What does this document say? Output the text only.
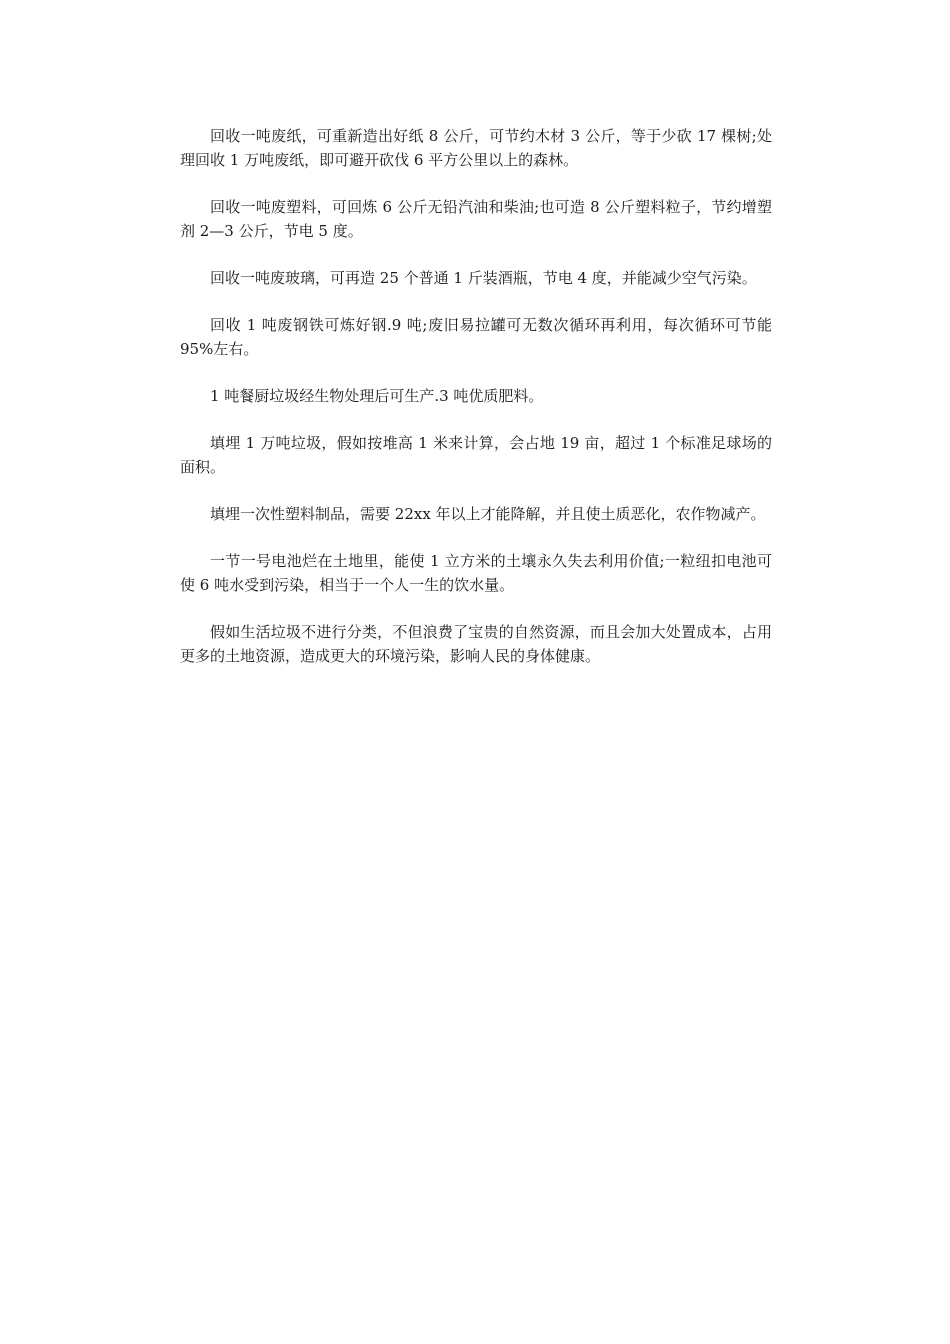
回收一吨废纸，可重新造出好纸 8 公斤，可节约木材 3 公斤，等于少砍 17 棵树;处理回收 1 万吨废纸，即可避开砍伐 6 平方公里以上的森林。

回收一吨废塑料，可回炼 6 公斤无铅汽油和柴油;也可造 8 公斤塑料粒子，节约增塑剂 2—3 公斤，节电 5 度。

回收一吨废玻璃，可再造 25 个普通 1 斤装酒瓶，节电 4 度，并能减少空气污染。

回收 1 吨废钢铁可炼好钢.9 吨;废旧易拉罐可无数次循环再利用，每次循环可节能 95%左右。

1 吨餐厨垃圾经生物处理后可生产.3 吨优质肥料。

填埋 1 万吨垃圾，假如按堆高 1 米来计算，会占地 19 亩，超过 1 个标准足球场的面积。

填埋一次性塑料制品，需要 22xx 年以上才能降解，并且使土质恶化，农作物减产。

一节一号电池烂在土地里，能使 1 立方米的土壤永久失去利用价值;一粒纽扣电池可使 6 吨水受到污染，相当于一个人一生的饮水量。

假如生活垃圾不进行分类，不但浪费了宝贵的自然资源，而且会加大处置成本，占用更多的土地资源，造成更大的环境污染，影响人民的身体健康。
